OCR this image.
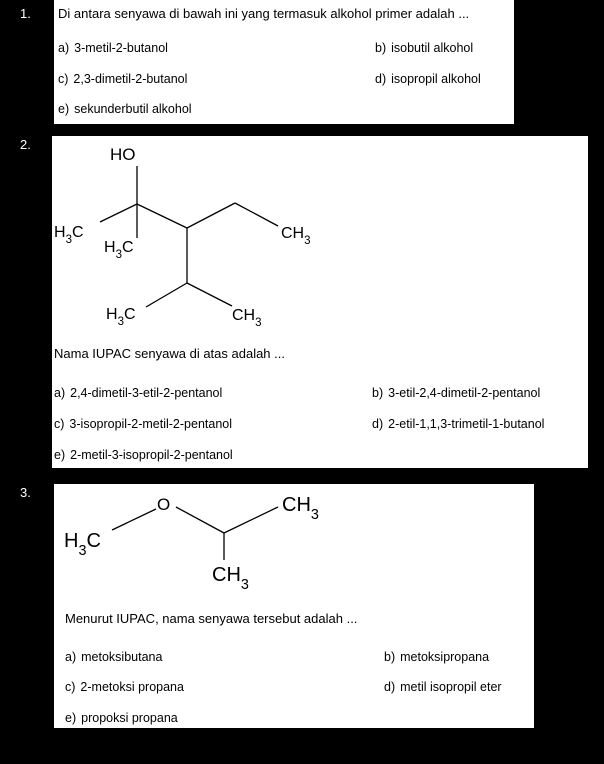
1. Di antara senyawa di bawah ini yang termasuk alkohol primer adalah ...
a) 3-metil-2-butanol	b) isobutil alkohol
c) 2,3-dimetil-2-butanol	d) isopropil alkohol
e) sekunderbutil alkohol
2.
HO
$H_3C$
$H_3C$
$CH_3$
$H_3C$	$CH_3$
Nama IUPAC senyawa di atas adalah ...
a) 2,4-dimetil-3-etil-2-pentanol	b) 3-etil-2,4-dimetil-2-pentanol
c) 3-isopropil-2-metil-2-pentanol	d) 2-etil-1,1,3-trimetil-1-butanol
e) 2-metil-3-isopropil-2-pentanol
3.
$H_3C$
O	$CH_3$
$CH_3$
Menurut IUPAC, nama senyawa tersebut adalah ...
a) metoksibutana	b) metoksipropana
c) 2-metoksi propana	d) metil isopropil eter
e) propoksi propana
